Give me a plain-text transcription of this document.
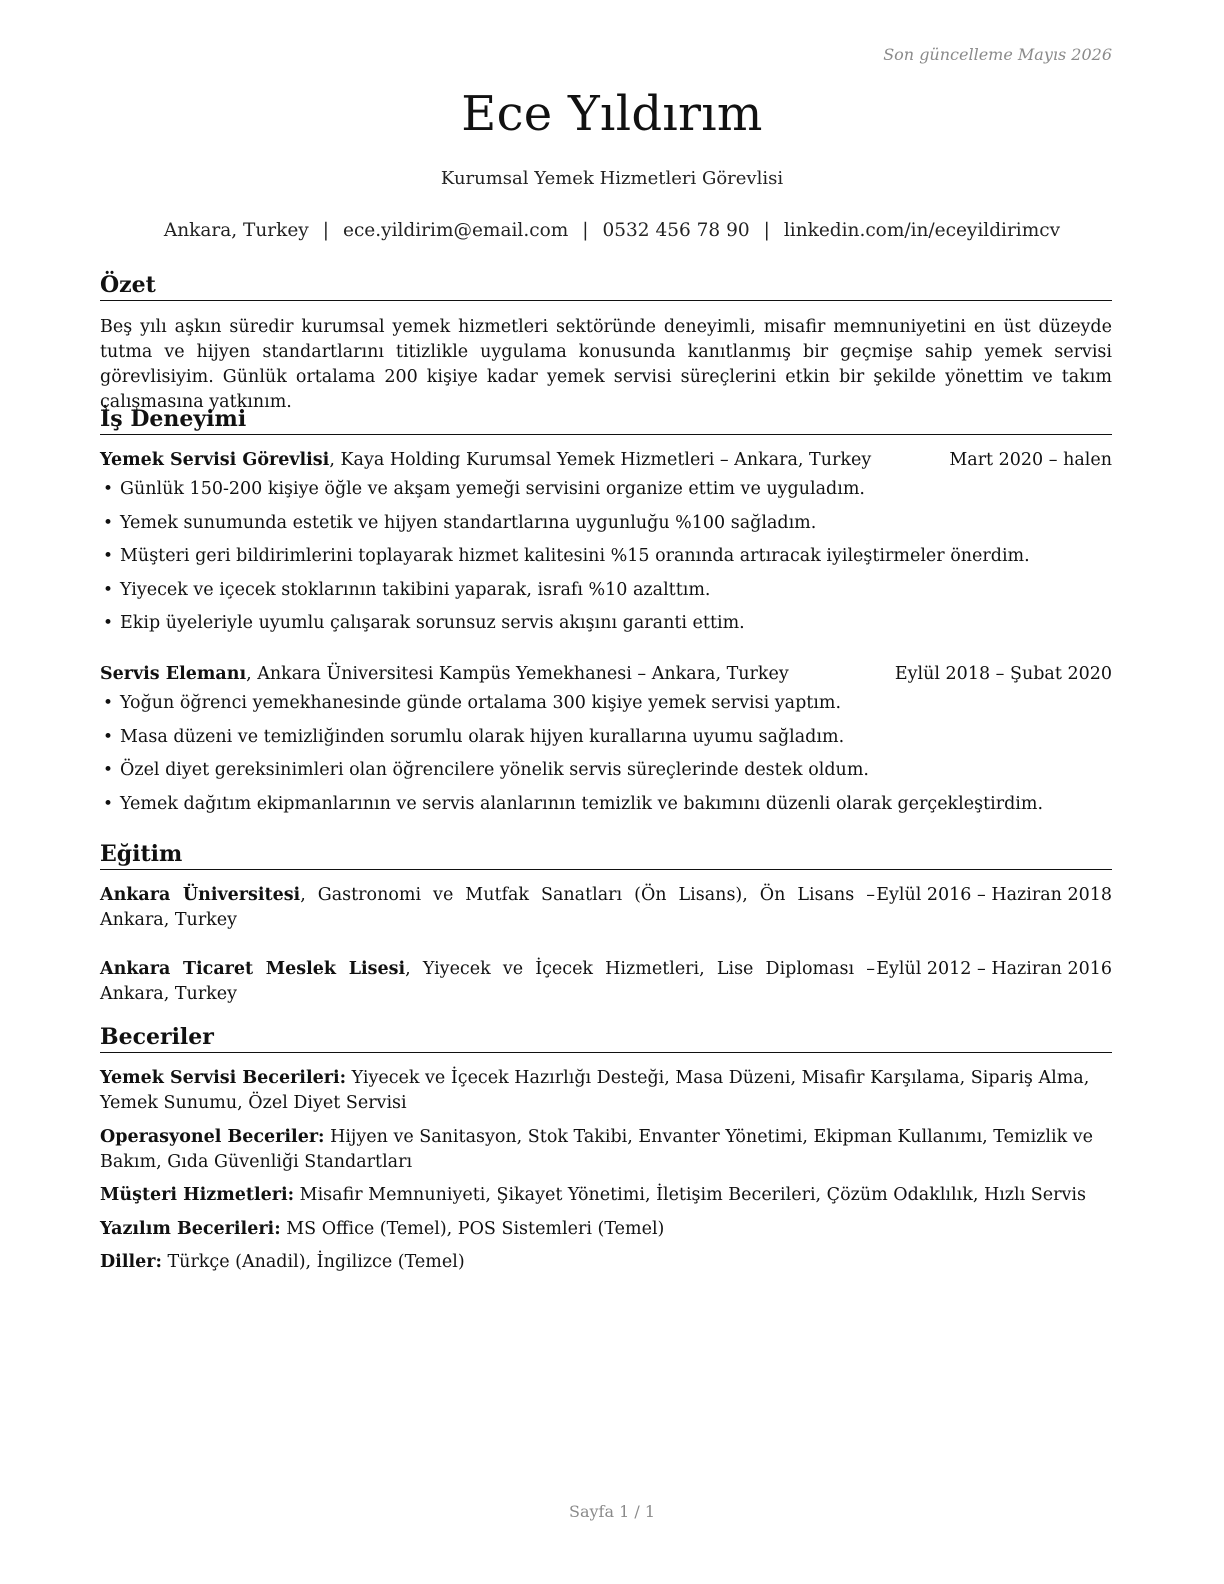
Son güncelleme Mayıs 2026
Ece Yıldırım
Kurumsal Yemek Hizmetleri Görevlisi
Ankara, Turkey | ece.yildirim@email.com | 0532 456 78 90 | linkedin.com/in/eceyildirimcv
Özet

Beş yılı aşkın süredir kurumsal yemek hizmetleri sektöründe deneyimli, misafir memnuniyetini en üst düzeyde tutma ve hijyen standartlarını titizlikle uygulama konusunda kanıtlanmış bir geçmişe sahip yemek servisi görevlisiyim. Günlük ortalama 200 kişiye kadar yemek servisi süreçlerini etkin bir şekilde yönettim ve takım çalışmasına yatkınım.

İş Deneyimi
Yemek Servisi Görevlisi, Kaya Holding Kurumsal Yemek Hizmetleri – Ankara, Turkey	Mart 2020 – halen
• Günlük 150-200 kişiye öğle ve akşam yemeği servisini organize ettim ve uyguladım.
• Yemek sunumunda estetik ve hijyen standartlarına uygunluğu %100 sağladım.
• Müşteri geri bildirimlerini toplayarak hizmet kalitesini %15 oranında artıracak iyileştirmeler önerdim.
• Yiyecek ve içecek stoklarının takibini yaparak, israfı %10 azalttım.
• Ekip üyeleriyle uyumlu çalışarak sorunsuz servis akışını garanti ettim.
Servis Elemanı, Ankara Üniversitesi Kampüs Yemekhanesi – Ankara, Turkey	Eylül 2018 – Şubat 2020
• Yoğun öğrenci yemekhanesinde günde ortalama 300 kişiye yemek servisi yaptım.
• Masa düzeni ve temizliğinden sorumlu olarak hijyen kurallarına uyumu sağladım.
• Özel diyet gereksinimleri olan öğrencilere yönelik servis süreçlerinde destek oldum.
• Yemek dağıtım ekipmanlarının ve servis alanlarının temizlik ve bakımını düzenli olarak gerçekleştirdim.
Eğitim
Ankara Üniversitesi, Gastronomi ve Mutfak Sanatları (Ön Lisans), Ön Lisans – Ankara, Turkey
Eylül 2016 – Haziran 2018
Ankara Ticaret Meslek Lisesi, Yiyecek ve İçecek Hizmetleri, Lise Diploması – Ankara, Turkey
Eylül 2012 – Haziran 2016
Beceriler
Yemek Servisi Becerileri: Yiyecek ve İçecek Hazırlığı Desteği, Masa Düzeni, Misafir Karşılama, Sipariş Alma, Yemek Sunumu, Özel Diyet Servisi
Operasyonel Beceriler: Hijyen ve Sanitasyon, Stok Takibi, Envanter Yönetimi, Ekipman Kullanımı, Temizlik ve Bakım, Gıda Güvenliği Standartları
Müşteri Hizmetleri: Misafir Memnuniyeti, Şikayet Yönetimi, İletişim Becerileri, Çözüm Odaklılık, Hızlı Servis
Yazılım Becerileri: MS Office (Temel), POS Sistemleri (Temel)
Diller: Türkçe (Anadil), İngilizce (Temel)
Sayfa 1 / 1
